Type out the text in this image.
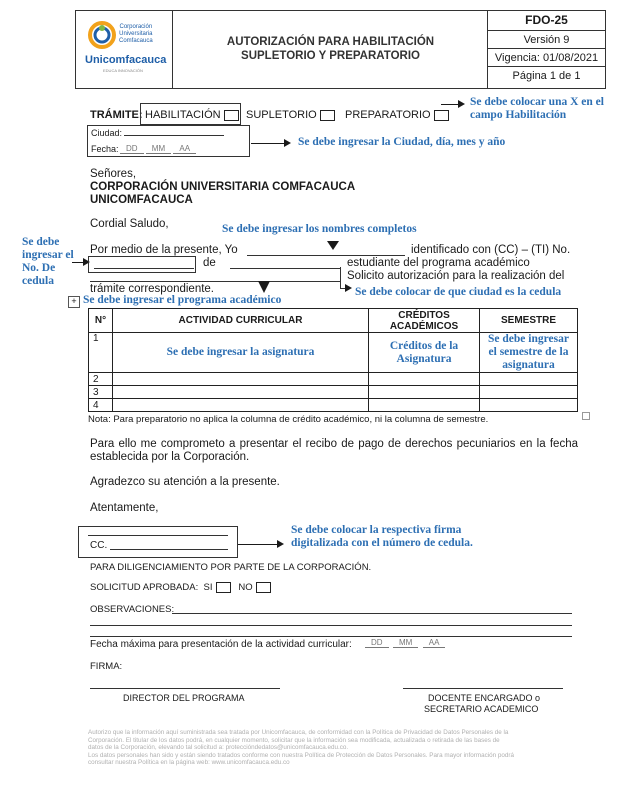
Corporación
Universitaria
Comfacauca
Unicomfacauca
EDUCA INNOVACIÓN
AUTORIZACIÓN PARA HABILITACIÓN
SUPLETORIO Y PREPARATORIO
FDO-25
Versión 9
Vigencia: 01/08/2021
Página 1 de 1
TRÁMITE: HABILITACIÓN	SUPLETORIO	PREPARATORIO
Se debe colocar una X en el campo Habilitación
Ciudad:
Fecha: DD MM AA
Se debe ingresar la Ciudad, día, mes y año
Señores,
CORPORACIÓN UNIVERSITARIA COMFACAUCA
UNICOMFACAUCA
Cordial Saludo,	Se debe ingresar los nombres completos
Por medio de la presente, Yo	identificado con (CC) – (TI) No.
Se debe ingresar el No. De cedula
de	estudiante del programa académico
Solicito autorización para la realización del
trámite correspondiente.	Se debe colocar de que ciudad es la cedula
+ Se debe ingresar el programa académico
N°	ACTIVIDAD CURRICULAR	CRÉDITOS ACADÉMICOS	SEMESTRE
1	Se debe ingresar la asignatura	Créditos de la Asignatura	Se debe ingresar el semestre de la asignatura

2			
3			
4			
Nota: Para preparatorio no aplica la columna de crédito académico, ni la columna de semestre.
Para ello me comprometo a presentar el recibo de pago de derechos pecuniarios en la fecha establecida por la Corporación.
Agradezco su atención a la presente.
Atentamente,
CC.
Se debe colocar la respectiva firma digitalizada con el número de cedula.
PARA DILIGENCIAMIENTO POR PARTE DE LA CORPORACIÓN.
SOLICITUD APROBADA: SI	NO
OBSERVACIONES:
Fecha máxima para presentación de la actividad curricular:	DD MM AA
FIRMA:
DIRECTOR DEL PROGRAMA	DOCENTE ENCARGADO o
SECRETARIO ACADEMICO
Autorizo que la información aquí suministrada sea tratada por Unicomfacauca, de conformidad con la Política de Privacidad de Datos Personales de la
Corporación. El titular de los datos podrá, en cualquier momento, solicitar que la información sea modificada, actualizada o retirada de las bases de
datos de la Corporación, elevando tal solicitud a: proteccióndedatos@unicomfacauca.edu.co.
Los datos personales han sido y están siendo tratados conforme con nuestra Política de Protección de Datos Personales. Para mayor información podrá
consultar nuestra Política en la página web: www.unicomfacauca.edu.co
